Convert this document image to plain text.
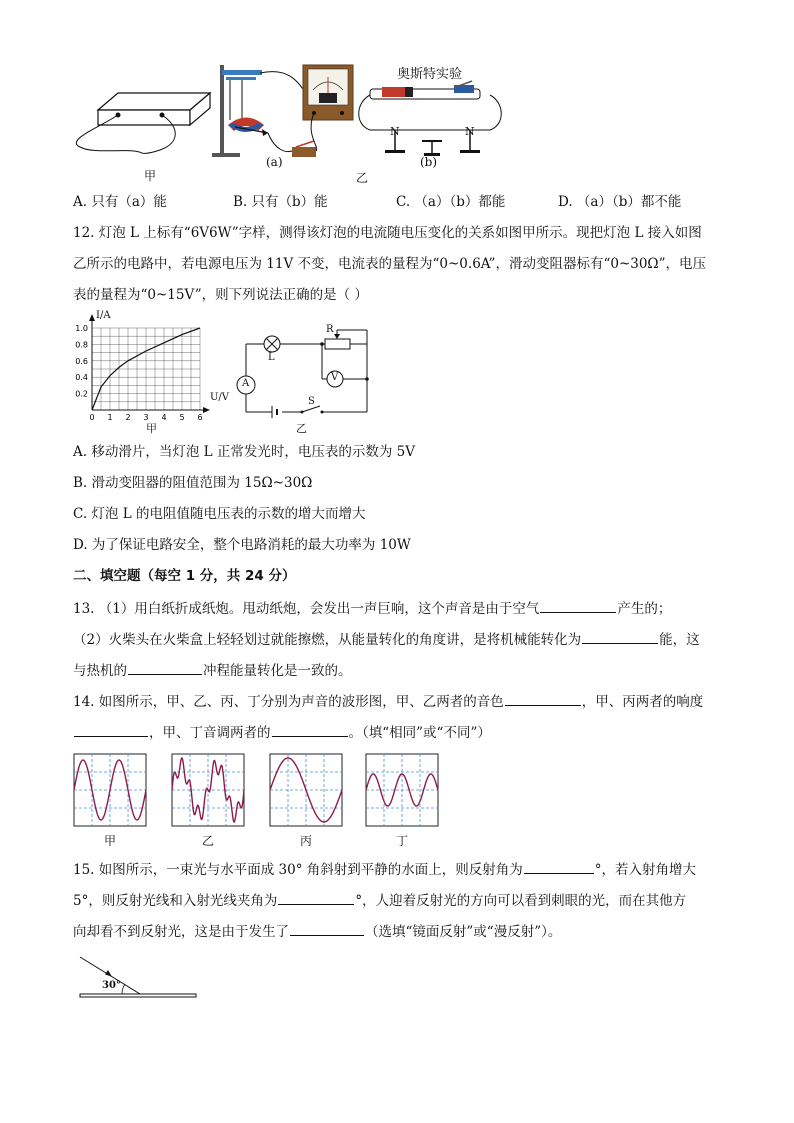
甲
(a)
乙
(b)
奥斯特实验
N	N
A. 只有（a）能	B. 只有（b）能	C. （a）（b）都能	D. （a）（b）都不能
12. 灯泡 L 上标有“6V6W”字样，测得该灯泡的电流随电压变化的关系如图甲所示。现把灯泡 L 接入如图
乙所示的电路中，若电源电压为 11V 不变，电流表的量程为“0~0.6A”，滑动变阻器标有“0~30Ω”，电压
表的量程为“0~15V”，则下列说法正确的是（ ）
0 1 2 3 4 5 6
1.0
0.8
0.6
0.4
0.2
I/A
U/V
甲
R
L
A
V
S
乙
A. 移动滑片，当灯泡 L 正常发光时，电压表的示数为 5V
B. 滑动变阻器的阻值范围为 15Ω~30Ω
C. 灯泡 L 的电阻值随电压表的示数的增大而增大
D. 为了保证电路安全，整个电路消耗的最大功率为 10W
二、填空题（每空 1 分，共 24 分）
13. （1）用白纸折成纸炮。甩动纸炮，会发出一声巨响，这个声音是由于空气	产生的；
（2）火柴头在火柴盒上轻轻划过就能擦燃，从能量转化的角度讲，是将机械能转化为	能，这
与热机的	冲程能量转化是一致的。
14. 如图所示，甲、乙、丙、丁分别为声音的波形图，甲、乙两者的音色	，甲、丙两者的响度
，甲、丁音调两者的	。（填“相同”或“不同”）
甲	乙	丙	丁
15. 如图所示，一束光与水平面成 30° 角斜射到平静的水面上，则反射角为	°，若入射角增大
5°，则反射光线和入射光线夹角为	°，人迎着反射光的方向可以看到刺眼的光，而在其他方
向却看不到反射光，这是由于发生了	（选填“镜面反射”或“漫反射”）。
30°
